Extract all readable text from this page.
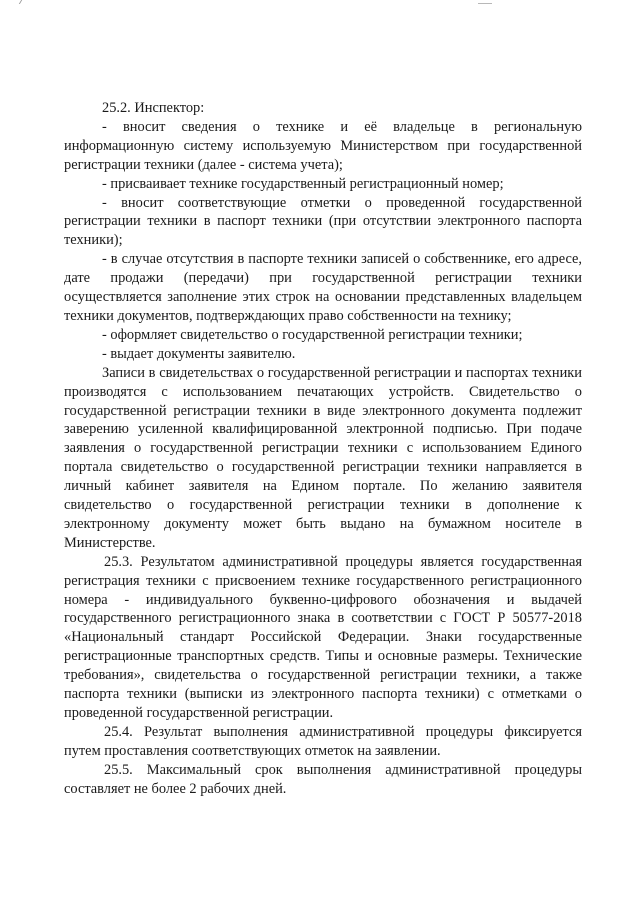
25.2. Инспектор:

- вносит сведения о технике и её владельце в региональную информационную систему используемую Министерством при государственной регистрации техники (далее - система учета);

- присваивает технике государственный регистрационный номер;

- вносит соответствующие отметки о проведенной государственной регистрации техники в паспорт техники (при отсутствии электронного паспорта техники);

- в случае отсутствия в паспорте техники записей о собственнике, его адресе, дате продажи (передачи) при государственной регистрации техники осуществляется заполнение этих строк на основании представленных владельцем техники документов, подтверждающих право собственности на технику;

- оформляет свидетельство о государственной регистрации техники;

- выдает документы заявителю.

Записи в свидетельствах о государственной регистрации и паспортах техники производятся с использованием печатающих устройств. Свидетельство о государственной регистрации техники в виде электронного документа подлежит заверению усиленной квалифицированной электронной подписью. При подаче заявления о государственной регистрации техники с использованием Единого портала свидетельство о государственной регистрации техники направляется в личный кабинет заявителя на Едином портале. По желанию заявителя свидетельство о государственной регистрации техники в дополнение к электронному документу может быть выдано на бумажном носителе в Министерстве.

25.3. Результатом административной процедуры является государственная регистрация техники с присвоением технике государственного регистрационного номера - индивидуального буквенно-цифрового обозначения и выдачей государственного регистрационного знака в соответствии с ГОСТ Р 50577-2018 «Национальный стандарт Российской Федерации. Знаки государственные регистрационные транспортных средств. Типы и основные размеры. Технические требования», свидетельства о государственной регистрации техники, а также паспорта техники (выписки из электронного паспорта техники) с отметками о проведенной государственной регистрации.

25.4. Результат выполнения административной процедуры фиксируется путем проставления соответствующих отметок на заявлении.

25.5. Максимальный срок выполнения административной процедуры составляет не более 2 рабочих дней.
